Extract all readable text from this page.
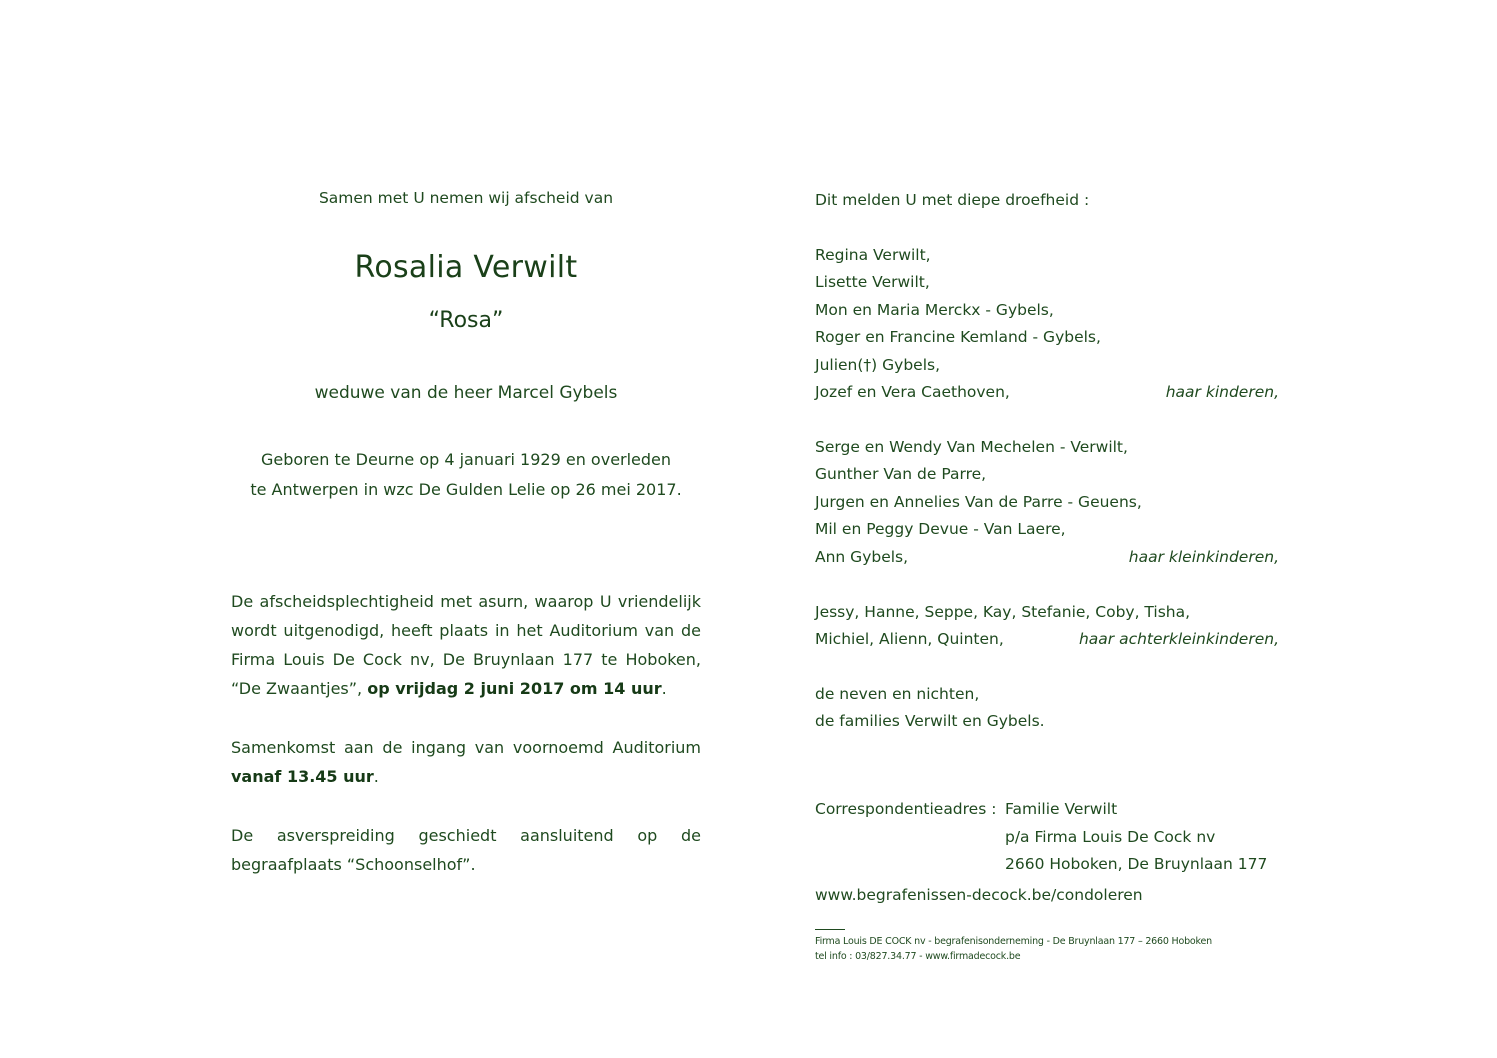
Samen met U nemen wij afscheid van
Rosalia Verwilt
“Rosa”
weduwe van de heer Marcel Gybels
Geboren te Deurne op 4 januari 1929 en overleden
te Antwerpen in wzc De Gulden Lelie op 26 mei 2017.
De afscheidsplechtigheid met asurn, waarop U vriendelijk
wordt uitgenodigd, heeft plaats in het Auditorium van de
Firma Louis De Cock nv, De Bruynlaan 177 te Hoboken,
“De Zwaantjes”, op vrijdag 2 juni 2017 om 14 uur.
Samenkomst aan de ingang van voornoemd Auditorium
vanaf 13.45 uur.
De asverspreiding geschiedt aansluitend op de
begraafplaats “Schoonselhof”.
Dit melden U met diepe droefheid :
Regina Verwilt,
Lisette Verwilt,
Mon en Maria Merckx - Gybels,
Roger en Francine Kemland - Gybels,
Julien(†) Gybels,
Jozef en Vera Caethoven,	haar kinderen,
Serge en Wendy Van Mechelen - Verwilt,
Gunther Van de Parre,
Jurgen en Annelies Van de Parre - Geuens,
Mil en Peggy Devue - Van Laere,
Ann Gybels,	haar kleinkinderen,
Jessy, Hanne, Seppe, Kay, Stefanie, Coby, Tisha,
Michiel, Alienn, Quinten,	haar achterkleinkinderen,
de neven en nichten,
de families Verwilt en Gybels.
Correspondentieadres : Familie Verwilt
p/a Firma Louis De Cock nv
2660 Hoboken, De Bruynlaan 177
www.begrafenissen-decock.be/condoleren
Firma Louis DE COCK nv - begrafenisonderneming - De Bruynlaan 177 – 2660 Hoboken
tel info : 03/827.34.77 - www.firmadecock.be
